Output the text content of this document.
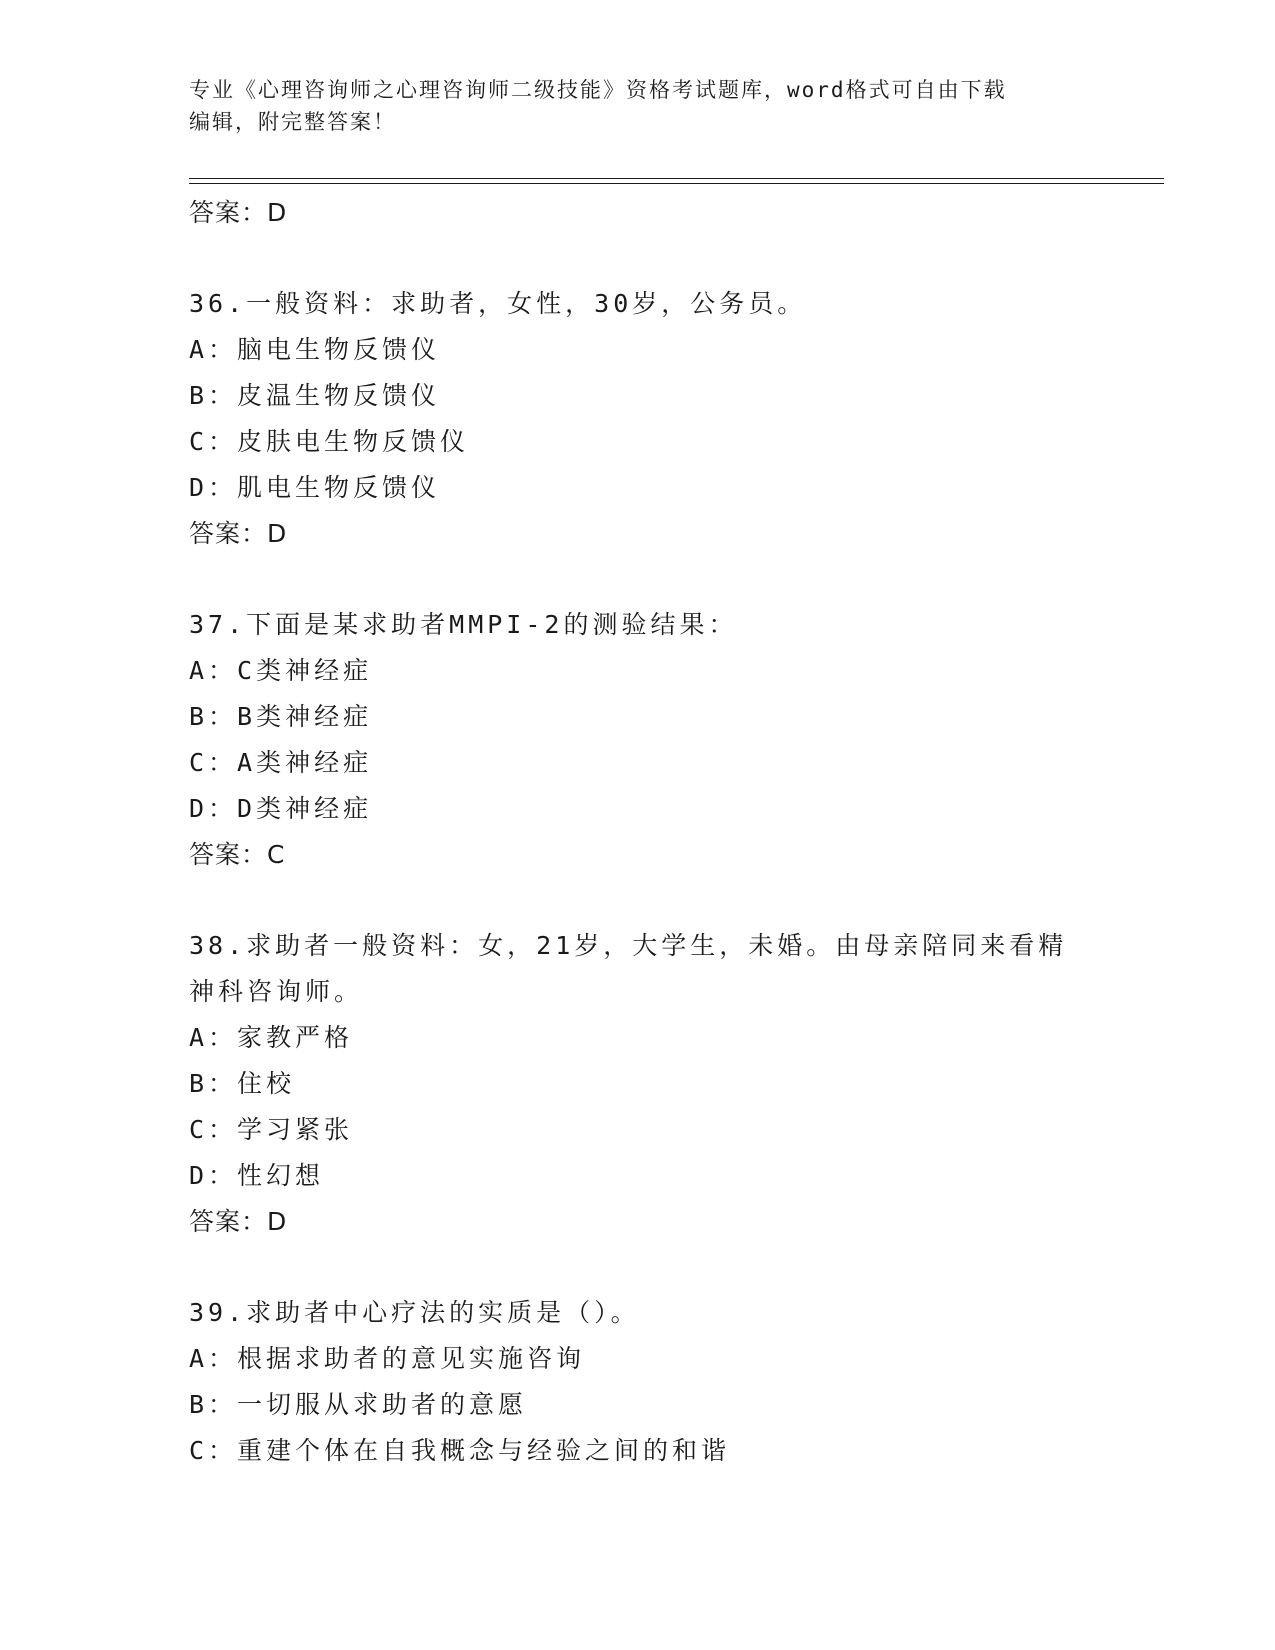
专业《心理咨询师之心理咨询师二级技能》资格考试题库，word格式可自由下载
编辑，附完整答案！
答案：D
36.一般资料：求助者，女性，30岁，公务员。
A：脑电生物反馈仪
B：皮温生物反馈仪
C：皮肤电生物反馈仪
D：肌电生物反馈仪
答案：D
37.下面是某求助者MMPI-2的测验结果：
A：C类神经症
B：B类神经症
C：A类神经症
D：D类神经症
答案：C
38.求助者一般资料：女，21岁，大学生，未婚。由母亲陪同来看精神科咨询师。
A：家教严格
B：住校
C：学习紧张
D：性幻想
答案：D
39.求助者中心疗法的实质是（）。
A：根据求助者的意见实施咨询
B：一切服从求助者的意愿
C：重建个体在自我概念与经验之间的和谐
